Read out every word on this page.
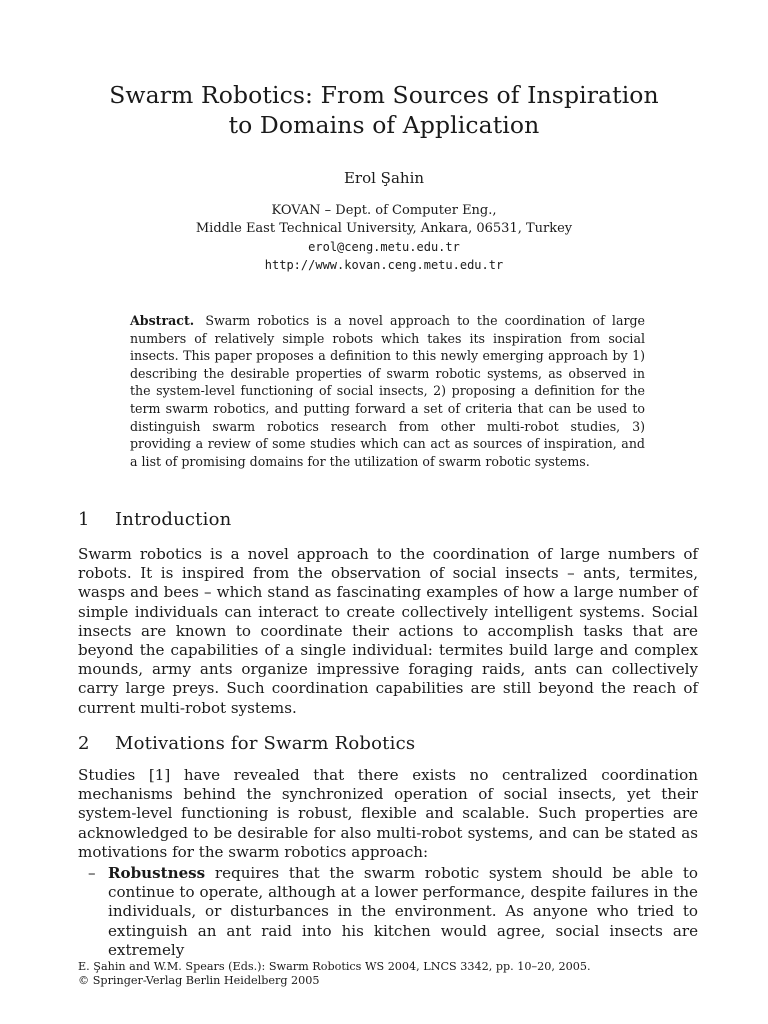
Swarm Robotics: From Sources of Inspiration
to Domains of Application
Erol Şahin
KOVAN – Dept. of Computer Eng.,
Middle East Technical University, Ankara, 06531, Turkey
erol@ceng.metu.edu.tr
http://www.kovan.ceng.metu.edu.tr
Abstract. Swarm robotics is a novel approach to the coordination of large numbers of relatively simple robots which takes its inspiration from social insects. This paper proposes a definition to this newly emerging approach by 1) describing the desirable properties of swarm robotic systems, as observed in the system-level functioning of social insects, 2) proposing a definition for the term swarm robotics, and putting forward a set of criteria that can be used to distinguish swarm robotics research from other multi-robot studies, 3) providing a review of some studies which can act as sources of inspiration, and a list of promising domains for the utilization of swarm robotic systems.
1 Introduction

Swarm robotics is a novel approach to the coordination of large numbers of robots. It is inspired from the observation of social insects – ants, termites, wasps and bees – which stand as fascinating examples of how a large number of simple individuals can interact to create collectively intelligent systems. Social insects are known to coordinate their actions to accomplish tasks that are beyond the capabilities of a single individual: termites build large and complex mounds, army ants organize impressive foraging raids, ants can collectively carry large preys. Such coordination capabilities are still beyond the reach of current multi-robot systems.

2 Motivations for Swarm Robotics

Studies [1] have revealed that there exists no centralized coordination mechanisms behind the synchronized operation of social insects, yet their system-level functioning is robust, flexible and scalable. Such properties are acknowledged to be desirable for also multi-robot systems, and can be stated as motivations for the swarm robotics approach:

– Robustness requires that the swarm robotic system should be able to continue to operate, although at a lower performance, despite failures in the individuals, or disturbances in the environment. As anyone who tried to extinguish an ant raid into his kitchen would agree, social insects are extremely
E. Şahin and W.M. Spears (Eds.): Swarm Robotics WS 2004, LNCS 3342, pp. 10–20, 2005.
© Springer-Verlag Berlin Heidelberg 2005
